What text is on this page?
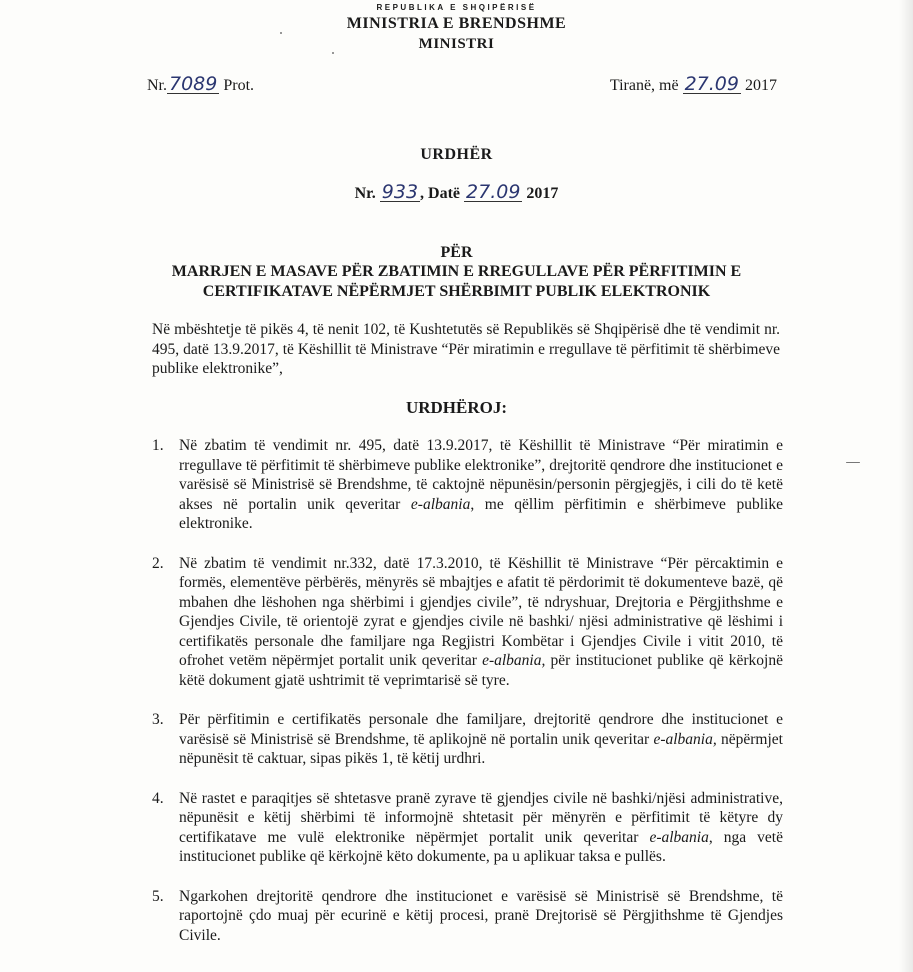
REPUBLIKA E SHQIPËRISË
MINISTRIA E BRENDSHME
MINISTRI
Nr. 7089 Prot.	Tiranë, më 27.09 2017
URDHËR
Nr. 933 , Datë 27.09 2017
PËR
MARRJEN E MASAVE PËR ZBATIMIN E RREGULLAVE PËR PËRFITIMIN E
CERTIFIKATAVE NËPËRMJET SHËRBIMIT PUBLIK ELEKTRONIK
Në mbështetje të pikës 4, të nenit 102, të Kushtetutës së Republikës së Shqipërisë dhe të vendimit nr. 495, datë 13.9.2017, të Këshillit të Ministrave “Për miratimin e rregullave të përfitimit të shërbimeve publike elektronike”,
URDHËROJ:
1. Në zbatim të vendimit nr. 495, datë 13.9.2017, të Këshillit të Ministrave “Për miratimin e rregullave të përfitimit të shërbimeve publike elektronike”, drejtoritë qendrore dhe institucionet e varësisë së Ministrisë së Brendshme, të caktojnë nëpunësin/personin përgjegjës, i cili do të ketë akses në portalin unik qeveritar e-albania, me qëllim përfitimin e shërbimeve publike elektronike.
2. Në zbatim të vendimit nr.332, datë 17.3.2010, të Këshillit të Ministrave “Për përcaktimin e formës, elementëve përbërës, mënyrës së mbajtjes e afatit të përdorimit të dokumenteve bazë, që mbahen dhe lëshohen nga shërbimi i gjendjes civile”, të ndryshuar, Drejtoria e Përgjithshme e Gjendjes Civile, të orientojë zyrat e gjendjes civile në bashki/ njësi administrative që lëshimi i certifikatës personale dhe familjare nga Regjistri Kombëtar i Gjendjes Civile i vitit 2010, të ofrohet vetëm nëpërmjet portalit unik qeveritar e-albania, për institucionet publike që kërkojnë këtë dokument gjatë ushtrimit të veprimtarisë së tyre.
3. Për përfitimin e certifikatës personale dhe familjare, drejtoritë qendrore dhe institucionet e varësisë së Ministrisë së Brendshme, të aplikojnë në portalin unik qeveritar e-albania, nëpërmjet nëpunësit të caktuar, sipas pikës 1, të këtij urdhri.
4. Në rastet e paraqitjes së shtetasve pranë zyrave të gjendjes civile në bashki/njësi administrative, nëpunësit e këtij shërbimi të informojnë shtetasit për mënyrën e përfitimit të këtyre dy certifikatave me vulë elektronike nëpërmjet portalit unik qeveritar e-albania, nga vetë institucionet publike që kërkojnë këto dokumente, pa u aplikuar taksa e pullës.
5. Ngarkohen drejtoritë qendrore dhe institucionet e varësisë së Ministrisë së Brendshme, të raportojnë çdo muaj për ecurinë e këtij procesi, pranë Drejtorisë së Përgjithshme të Gjendjes Civile.
